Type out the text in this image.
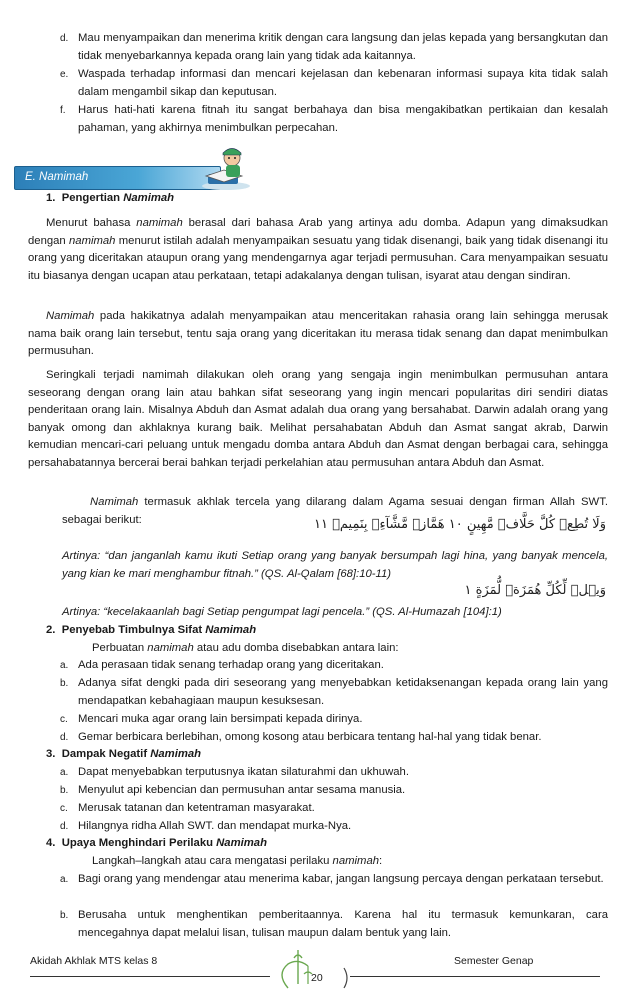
d. Mau menyampaikan dan menerima kritik dengan cara langsung dan jelas kepada yang bersangkutan dan tidak menyebarkannya kepada orang lain yang tidak ada kaitannya.
e. Waspada terhadap informasi dan mencari kejelasan dan kebenaran informasi supaya kita tidak salah dalam mengambil sikap dan keputusan.
f. Harus hati-hati karena fitnah itu sangat berbahaya dan bisa mengakibatkan pertikaian dan kesalah pahaman, yang akhirnya menimbulkan perpecahan.
E. Namimah
1. Pengertian Namimah
Menurut bahasa namimah berasal dari bahasa Arab yang artinya adu domba. Adapun yang dimaksudkan dengan namimah menurut istilah adalah menyampaikan sesuatu yang tidak disenangi, baik yang tidak disenangi itu orang yang diceritakan ataupun orang yang mendengarnya agar terjadi permusuhan. Cara menyampaikan sesuatu itu biasanya dengan ucapan atau perkataan, tetapi adakalanya dengan tulisan, isyarat atau dengan sindiran.
Namimah pada hakikatnya adalah menyampaikan atau menceritakan rahasia orang lain sehingga merusak nama baik orang lain tersebut, tentu saja orang yang diceritakan itu merasa tidak senang dan dapat menimbulkan permusuhan.
Seringkali terjadi namimah dilakukan oleh orang yang sengaja ingin menimbulkan permusuhan antara seseorang dengan orang lain atau bahkan sifat seseorang yang ingin mencari popularitas diri sendiri diatas penderitaan orang lain. Misalnya Abduh dan Asmat adalah dua orang yang bersahabat. Darwin adalah orang yang banyak omong dan akhlaknya kurang baik. Melihat persahabatan Abduh dan Asmat sangat akrab, Darwin kemudian mencari-cari peluang untuk mengadu domba antara Abduh dan Asmat dengan berbagai cara, sehingga persahabatannya bercerai berai bahkan terjadi perkelahian atau permusuhan antara Abduh dan Asmat.
Namimah termasuk akhlak tercela yang dilarang dalam Agama sesuai dengan firman Allah SWT. sebagai berikut:	وَلَا تُطِعۡ كُلَّ حَلَّافٖ مَّهِينٍ ١٠ هَمَّازٖ مَّشَّآءِۢ بِنَمِيمٖ ١١
Artinya: “dan janganlah kamu ikuti Setiap orang yang banyak bersumpah lagi hina, yang banyak mencela, yang kian ke mari menghambur fitnah.” (QS. Al-Qalam [68]:10-11)
وَيۡلٞ لِّكُلِّ هُمَزَةٖ لُّمَزَةٍ ١
Artinya: “kecelakaanlah bagi Setiap pengumpat lagi pencela.” (QS. Al-Humazah [104]:1)
2. Penyebab Timbulnya Sifat Namimah
Perbuatan namimah atau adu domba disebabkan antara lain:
a. Ada perasaan tidak senang terhadap orang yang diceritakan.
b. Adanya sifat dengki pada diri seseorang yang menyebabkan ketidaksenangan kepada orang lain yang mendapatkan kebahagiaan maupun kesuksesan.
c. Mencari muka agar orang lain bersimpati kepada dirinya.
d. Gemar berbicara berlebihan, omong kosong atau berbicara tentang hal-hal yang tidak benar.
3. Dampak Negatif Namimah
a. Dapat menyebabkan terputusnya ikatan silaturahmi dan ukhuwah.
b. Menyulut api kebencian dan permusuhan antar sesama manusia.
c. Merusak tatanan dan ketentraman masyarakat.
d. Hilangnya ridha Allah SWT. dan mendapat murka-Nya.
4. Upaya Menghindari Perilaku Namimah
Langkah–langkah atau cara mengatasi perilaku namimah:
a. Bagi orang yang mendengar atau menerima kabar, jangan langsung percaya dengan perkataan tersebut.
b. Berusaha untuk menghentikan pemberitaannya. Karena hal itu termasuk kemunkaran, cara mencegahnya dapat melalui lisan, tulisan maupun dalam bentuk yang lain.
Akidah Akhlak MTS kelas 8	Semester Genap
20
